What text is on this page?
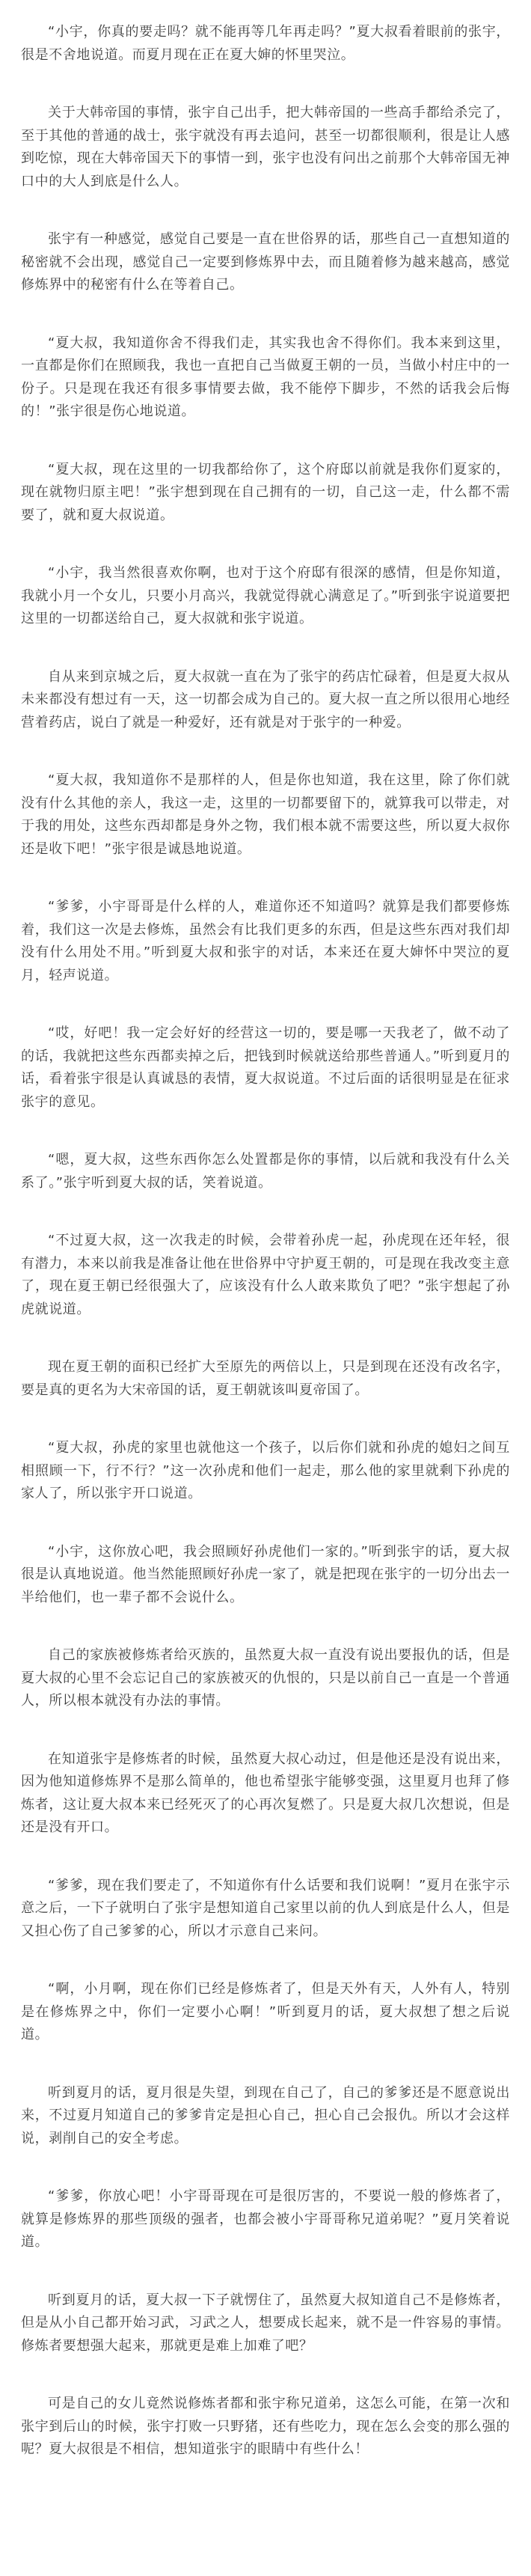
“小宇，你真的要走吗？就不能再等几年再走吗？”夏大叔看着眼前的张宇，很是不舍地说道。而夏月现在正在夏大婶的怀里哭泣。

关于大韩帝国的事情，张宇自己出手，把大韩帝国的一些高手都给杀完了，至于其他的普通的战士，张宇就没有再去追问，甚至一切都很顺利，很是让人感到吃惊，现在大韩帝国天下的事情一到，张宇也没有问出之前那个大韩帝国无神口中的大人到底是什么人。

张宇有一种感觉，感觉自己要是一直在世俗界的话，那些自己一直想知道的秘密就不会出现，感觉自己一定要到修炼界中去，而且随着修为越来越高，感觉修炼界中的秘密有什么在等着自己。

“夏大叔，我知道你舍不得我们走，其实我也舍不得你们。我本来到这里，一直都是你们在照顾我，我也一直把自己当做夏王朝的一员，当做小村庄中的一份子。只是现在我还有很多事情要去做，我不能停下脚步，不然的话我会后悔的！”张宇很是伤心地说道。

“夏大叔，现在这里的一切我都给你了，这个府邸以前就是我你们夏家的，现在就物归原主吧！”张宇想到现在自己拥有的一切，自己这一走，什么都不需要了，就和夏大叔说道。

“小宇，我当然很喜欢你啊，也对于这个府邸有很深的感情，但是你知道，我就小月一个女儿，只要小月高兴，我就觉得就心满意足了。”听到张宇说道要把这里的一切都送给自己，夏大叔就和张宇说道。

自从来到京城之后，夏大叔就一直在为了张宇的药店忙碌着，但是夏大叔从未来都没有想过有一天，这一切都会成为自己的。夏大叔一直之所以很用心地经营着药店，说白了就是一种爱好，还有就是对于张宇的一种爱。

“夏大叔，我知道你不是那样的人，但是你也知道，我在这里，除了你们就没有什么其他的亲人，我这一走，这里的一切都要留下的，就算我可以带走，对于我的用处，这些东西却都是身外之物，我们根本就不需要这些，所以夏大叔你还是收下吧！”张宇很是诚恳地说道。

“爹爹，小宇哥哥是什么样的人，难道你还不知道吗？就算是我们都要修炼着，我们这一次是去修炼，虽然会有比我们更多的东西，但是这些东西对我们却没有什么用处不用。”听到夏大叔和张宇的对话，本来还在夏大婶怀中哭泣的夏月，轻声说道。

“哎，好吧！我一定会好好的经营这一切的，要是哪一天我老了，做不动了的话，我就把这些东西都卖掉之后，把钱到时候就送给那些普通人。”听到夏月的话，看着张宇很是认真诚恳的表情，夏大叔说道。不过后面的话很明显是在征求张宇的意见。

“嗯，夏大叔，这些东西你怎么处置都是你的事情，以后就和我没有什么关系了。”张宇听到夏大叔的话，笑着说道。

“不过夏大叔，这一次我走的时候，会带着孙虎一起，孙虎现在还年轻，很有潜力，本来以前我是准备让他在世俗界中守护夏王朝的，可是现在我改变主意了，现在夏王朝已经很强大了，应该没有什么人敢来欺负了吧？”张宇想起了孙虎就说道。

现在夏王朝的面积已经扩大至原先的两倍以上，只是到现在还没有改名字，要是真的更名为大宋帝国的话，夏王朝就该叫夏帝国了。

“夏大叔，孙虎的家里也就他这一个孩子，以后你们就和孙虎的媳妇之间互相照顾一下，行不行？”这一次孙虎和他们一起走，那么他的家里就剩下孙虎的家人了，所以张宇开口说道。

“小宇，这你放心吧，我会照顾好孙虎他们一家的。”听到张宇的话，夏大叔很是认真地说道。他当然能照顾好孙虎一家了，就是把现在张宇的一切分出去一半给他们，也一辈子都不会说什么。

自己的家族被修炼者给灭族的，虽然夏大叔一直没有说出要报仇的话，但是夏大叔的心里不会忘记自己的家族被灭的仇恨的，只是以前自己一直是一个普通人，所以根本就没有办法的事情。

在知道张宇是修炼者的时候，虽然夏大叔心动过，但是他还是没有说出来，因为他知道修炼界不是那么简单的，他也希望张宇能够变强，这里夏月也拜了修炼者，这让夏大叔本来已经死灭了的心再次复燃了。只是夏大叔几次想说，但是还是没有开口。

“爹爹，现在我们要走了，不知道你有什么话要和我们说啊！”夏月在张宇示意之后，一下子就明白了张宇是想知道自己家里以前的仇人到底是什么人，但是又担心伤了自己爹爹的心，所以才示意自己来问。

“啊，小月啊，现在你们已经是修炼者了，但是天外有天，人外有人，特别是在修炼界之中，你们一定要小心啊！”听到夏月的话，夏大叔想了想之后说道。

听到夏月的话，夏月很是失望，到现在自己了，自己的爹爹还是不愿意说出来，不过夏月知道自己的爹爹肯定是担心自己，担心自己会报仇。所以才会这样说，剥削自己的安全考虑。

“爹爹，你放心吧！小宇哥哥现在可是很厉害的，不要说一般的修炼者了，就算是修炼界的那些顶级的强者，也都会被小宇哥哥称兄道弟呢？”夏月笑着说道。

听到夏月的话，夏大叔一下子就愣住了，虽然夏大叔知道自己不是修炼者，但是从小自己都开始习武，习武之人，想要成长起来，就不是一件容易的事情。修炼者要想强大起来，那就更是难上加难了吧？

可是自己的女儿竟然说修炼者都和张宇称兄道弟，这怎么可能，在第一次和张宇到后山的时候，张宇打败一只野猪，还有些吃力，现在怎么会变的那么强的呢？夏大叔很是不相信，想知道张宇的眼睛中有些什么！
